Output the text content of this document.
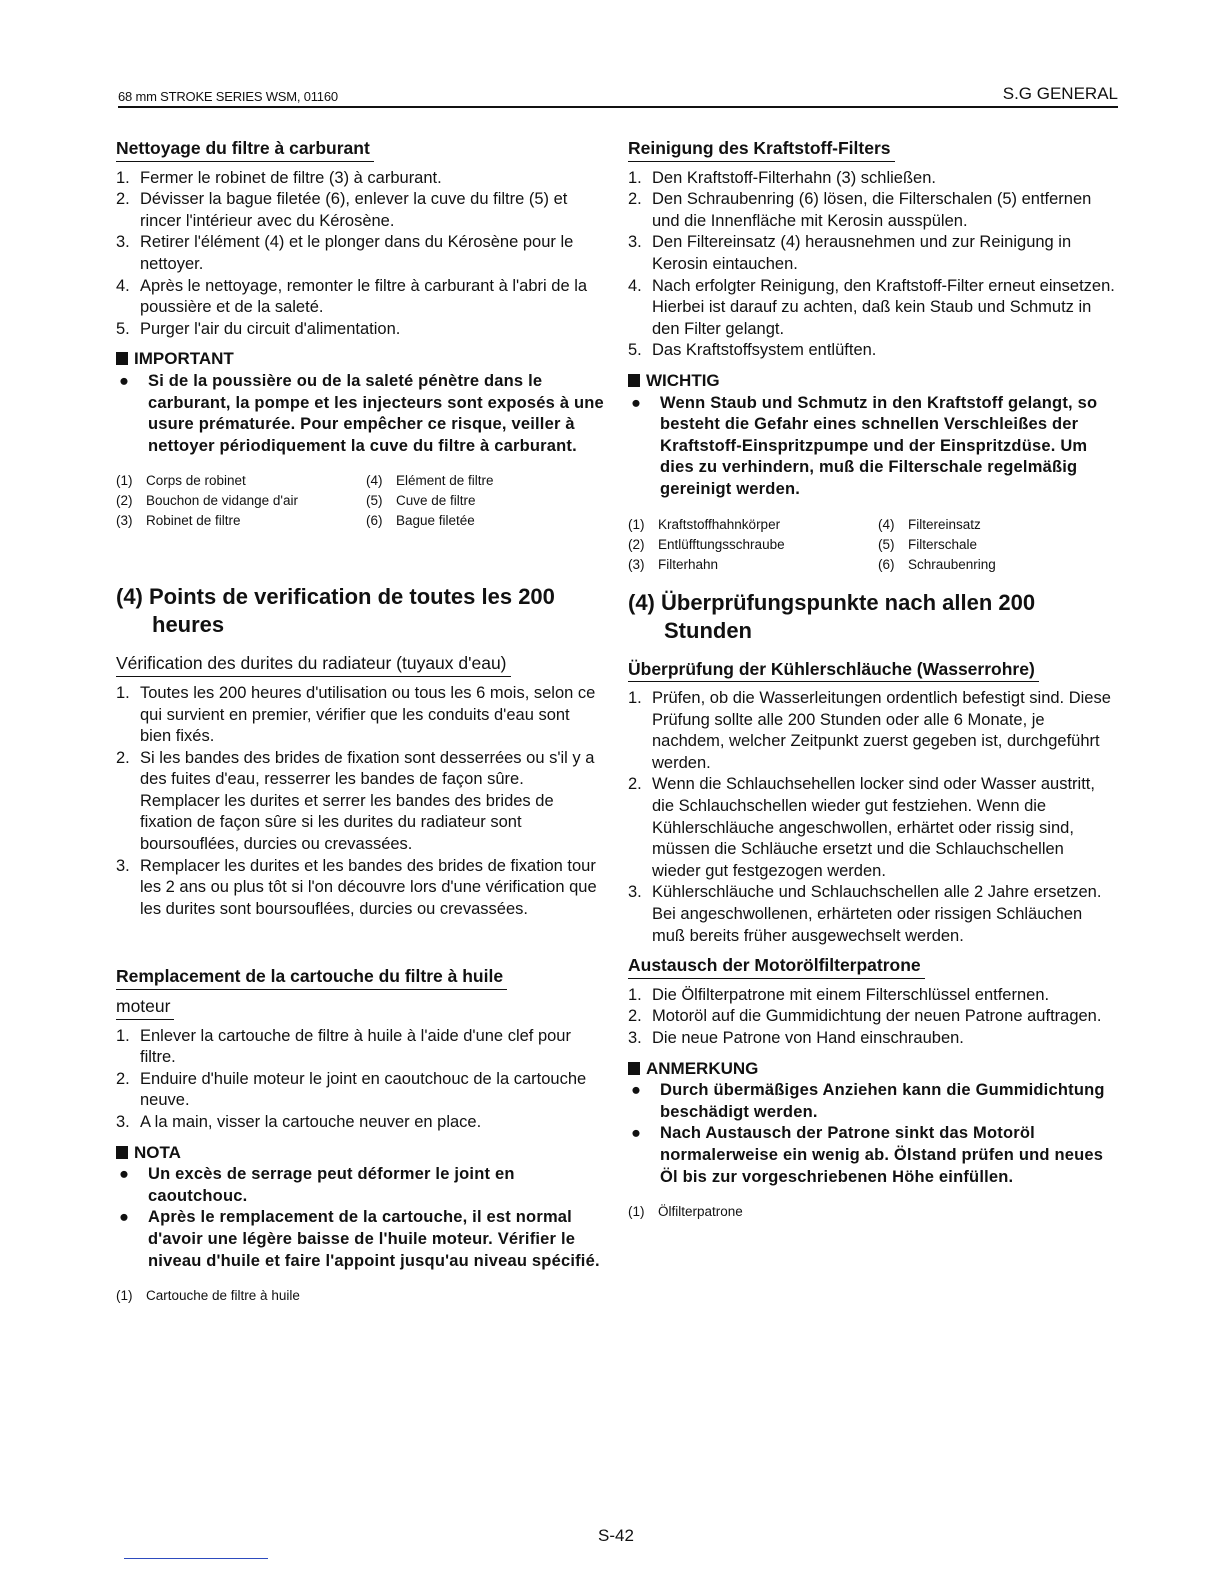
68 mm STROKE SERIES WSM, 01160	S.G GENERAL
Nettoyage du filtre à carburant
1. Fermer le robinet de filtre (3) à carburant.
2. Dévisser la bague filetée (6), enlever la cuve du filtre (5) et rincer l'intérieur avec du Kérosène.
3. Retirer l'élément (4) et le plonger dans du Kérosène pour le nettoyer.
4. Après le nettoyage, remonter le filtre à carburant à l'abri de la poussière et de la saleté.
5. Purger l'air du circuit d'alimentation.
IMPORTANT
● Si de la poussière ou de la saleté pénètre dans le carburant, la pompe et les injecteurs sont exposés à une usure prématurée. Pour empêcher ce risque, veiller à nettoyer périodiquement la cuve du filtre à carburant.
(1) Corps de robinet	(4) Elément de filtre
(2) Bouchon de vidange d'air	(5) Cuve de filtre
(3) Robinet de filtre	(6) Bague filetée
(4) Points de verification de toutes les 200 heures
Vérification des durites du radiateur (tuyaux d'eau)
1. Toutes les 200 heures d'utilisation ou tous les 6 mois, selon ce qui survient en premier, vérifier que les conduits d'eau sont bien fixés.
2. Si les bandes des brides de fixation sont desserrées ou s'il y a des fuites d'eau, resserrer les bandes de façon sûre. Remplacer les durites et serrer les bandes des brides de fixation de façon sûre si les durites du radiateur sont boursouflées, durcies ou crevassées.
3. Remplacer les durites et les bandes des brides de fixation tour les 2 ans ou plus tôt si l'on découvre lors d'une vérification que les durites sont boursouflées, durcies ou crevassées.
Remplacement de la cartouche du filtre à huile
moteur
1. Enlever la cartouche de filtre à huile à l'aide d'une clef pour filtre.
2. Enduire d'huile moteur le joint en caoutchouc de la cartouche neuve.
3. A la main, visser la cartouche neuver en place.
NOTA
● Un excès de serrage peut déformer le joint en caoutchouc.
● Après le remplacement de la cartouche, il est normal d'avoir une légère baisse de l'huile moteur. Vérifier le niveau d'huile et faire l'appoint jusqu'au niveau spécifié.
(1) Cartouche de filtre à huile
Reinigung des Kraftstoff-Filters
1. Den Kraftstoff-Filterhahn (3) schließen.
2. Den Schraubenring (6) lösen, die Filterschalen (5) entfernen und die Innenfläche mit Kerosin ausspülen.
3. Den Filtereinsatz (4) herausnehmen und zur Reinigung in Kerosin eintauchen.
4. Nach erfolgter Reinigung, den Kraftstoff-Filter erneut einsetzen. Hierbei ist darauf zu achten, daß kein Staub und Schmutz in den Filter gelangt.
5. Das Kraftstoffsystem entlüften.
WICHTIG
● Wenn Staub und Schmutz in den Kraftstoff gelangt, so besteht die Gefahr eines schnellen Verschleißes der Kraftstoff-Einspritzpumpe und der Einspritzdüse. Um dies zu verhindern, muß die Filterschale regelmäßig gereinigt werden.
(1) Kraftstoffhahnkörper	(4) Filtereinsatz
(2) Entlüfftungsschraube	(5) Filterschale
(3) Filterhahn	(6) Schraubenring
(4) Überprüfungspunkte nach allen 200 Stunden
Überprüfung der Kühlerschläuche (Wasserrohre)
1. Prüfen, ob die Wasserleitungen ordentlich befestigt sind. Diese Prüfung sollte alle 200 Stunden oder alle 6 Monate, je nachdem, welcher Zeitpunkt zuerst gegeben ist, durchgeführt werden.
2. Wenn die Schlauchsehellen locker sind oder Wasser austritt, die Schlauchschellen wieder gut festziehen. Wenn die Kühlerschläuche angeschwollen, erhärtet oder rissig sind, müssen die Schläuche ersetzt und die Schlauchschellen wieder gut festgezogen werden.
3. Kühlerschläuche und Schlauchschellen alle 2 Jahre ersetzen. Bei angeschwollenen, erhärteten oder rissigen Schläuchen muß bereits früher ausgewechselt werden.
Austausch der Motorölfilterpatrone
1. Die Ölfilterpatrone mit einem Filterschlüssel entfernen.
2. Motoröl auf die Gummidichtung der neuen Patrone auftragen.
3. Die neue Patrone von Hand einschrauben.
ANMERKUNG
● Durch übermäßiges Anziehen kann die Gummidichtung beschädigt werden.
● Nach Austausch der Patrone sinkt das Motoröl normalerweise ein wenig ab. Ölstand prüfen und neues Öl bis zur vorgeschriebenen Höhe einfüllen.
(1) Ölfilterpatrone
S-42
